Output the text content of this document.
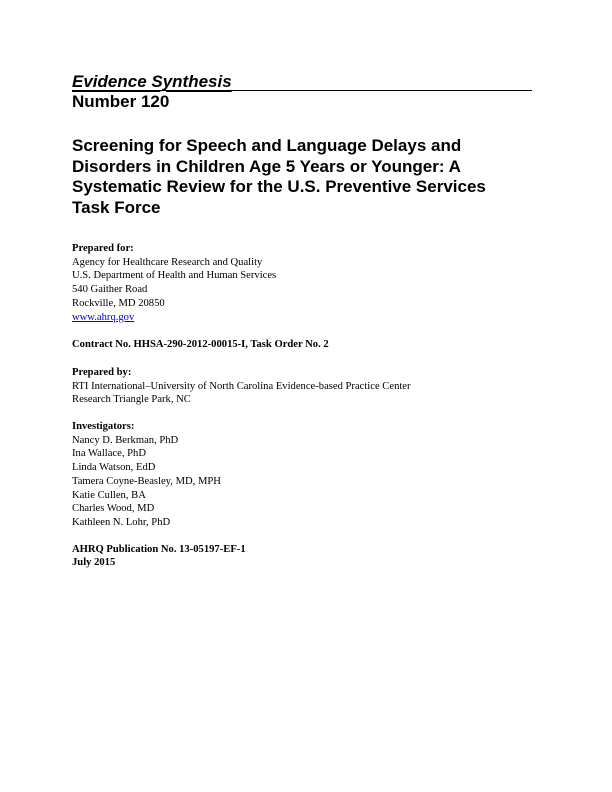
Evidence Synthesis
Number 120
Screening for Speech and Language Delays and
Disorders in Children Age 5 Years or Younger: A
Systematic Review for the U.S. Preventive Services
Task Force
Prepared for:
Agency for Healthcare Research and Quality
U.S. Department of Health and Human Services
540 Gaither Road
Rockville, MD 20850
www.ahrq.gov
Contract No. HHSA-290-2012-00015-I, Task Order No. 2
Prepared by:
RTI International–University of North Carolina Evidence-based Practice Center
Research Triangle Park, NC
Investigators:
Nancy D. Berkman, PhD
Ina Wallace, PhD
Linda Watson, EdD
Tamera Coyne-Beasley, MD, MPH
Katie Cullen, BA
Charles Wood, MD
Kathleen N. Lohr, PhD
AHRQ Publication No. 13-05197-EF-1
July 2015
